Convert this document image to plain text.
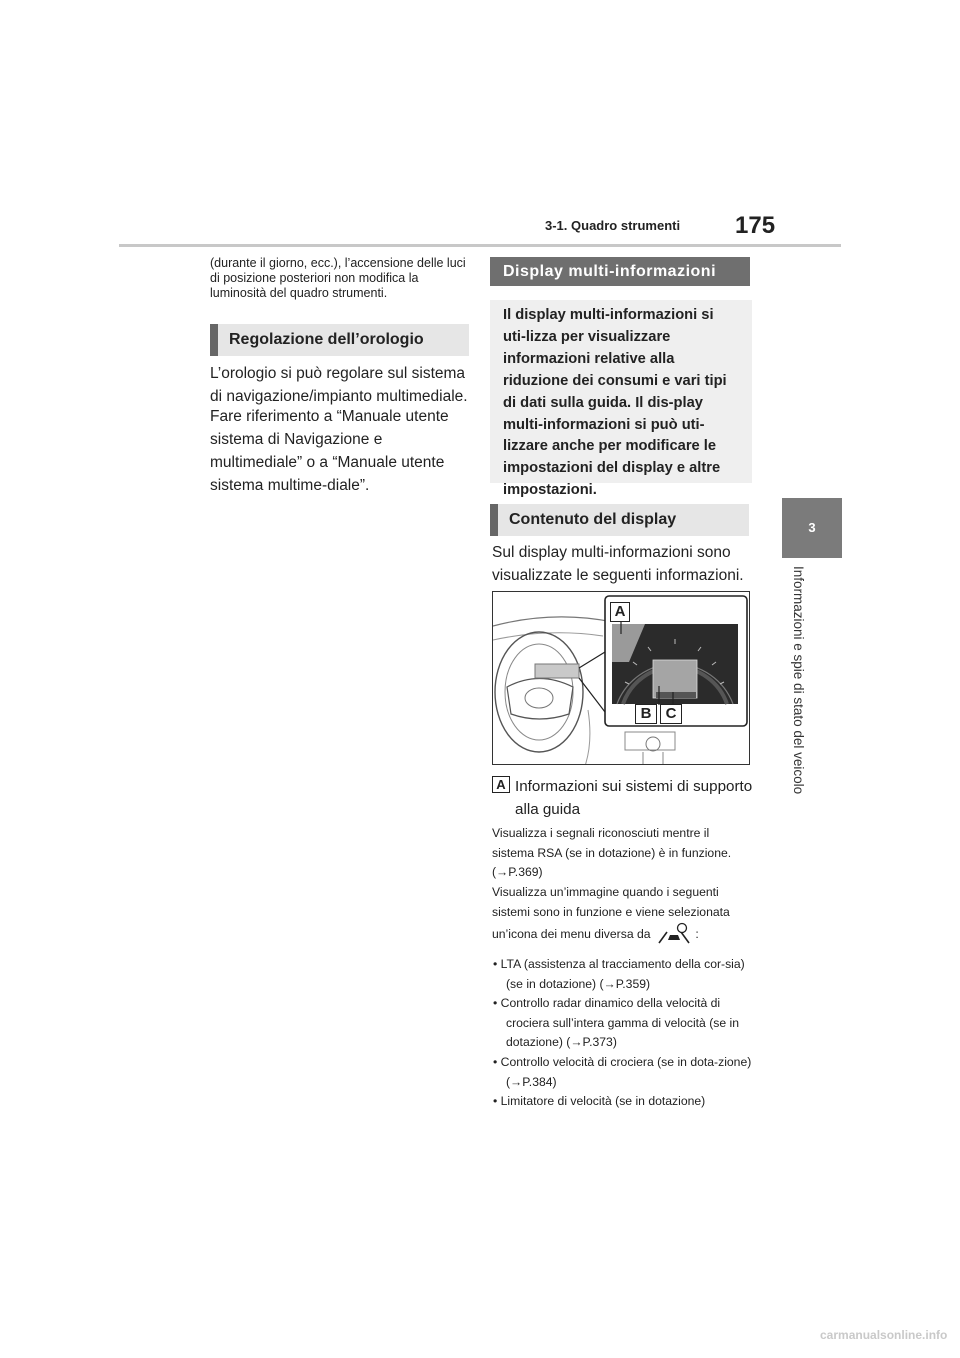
3-1. Quadro strumenti 175
3
Informazioni e spie di stato del veicolo
(durante il giorno, ecc.), l’accensione delle luci di posizione posteriori non modifica la luminosità del quadro strumenti.
Regolazione dell’orologio
L’orologio si può regolare sul sistema di navigazione/impianto multimediale.
Fare riferimento a “Manuale utente sistema di Navigazione e multimediale” o a “Manuale utente sistema multime-diale”.
Display multi-informazioni
Il display multi-informazioni si uti-lizza per visualizzare informazioni relative alla riduzione dei consumi e vari tipi di dati sulla guida. Il dis-play multi-informazioni si può uti-lizzare anche per modificare le impostazioni del display e altre impostazioni.
Contenuto del display
Sul display multi-informazioni sono visualizzate le seguenti informazioni.
A
B C
A Informazioni sui sistemi di supporto alla guida
Visualizza i segnali riconosciuti mentre il sistema RSA (se in dotazione) è in funzione. (→P.369)
Visualizza un’immagine quando i seguenti sistemi sono in funzione e viene selezionata un’icona dei menu diversa da	:
• LTA (assistenza al tracciamento della cor-sia) (se in dotazione) (→P.359)
• Controllo radar dinamico della velocità di crociera sull’intera gamma di velocità (se in dotazione) (→P.373)
• Controllo velocità di crociera (se in dota-zione) (→P.384)
• Limitatore di velocità (se in dotazione)
carmanualsonline.info
